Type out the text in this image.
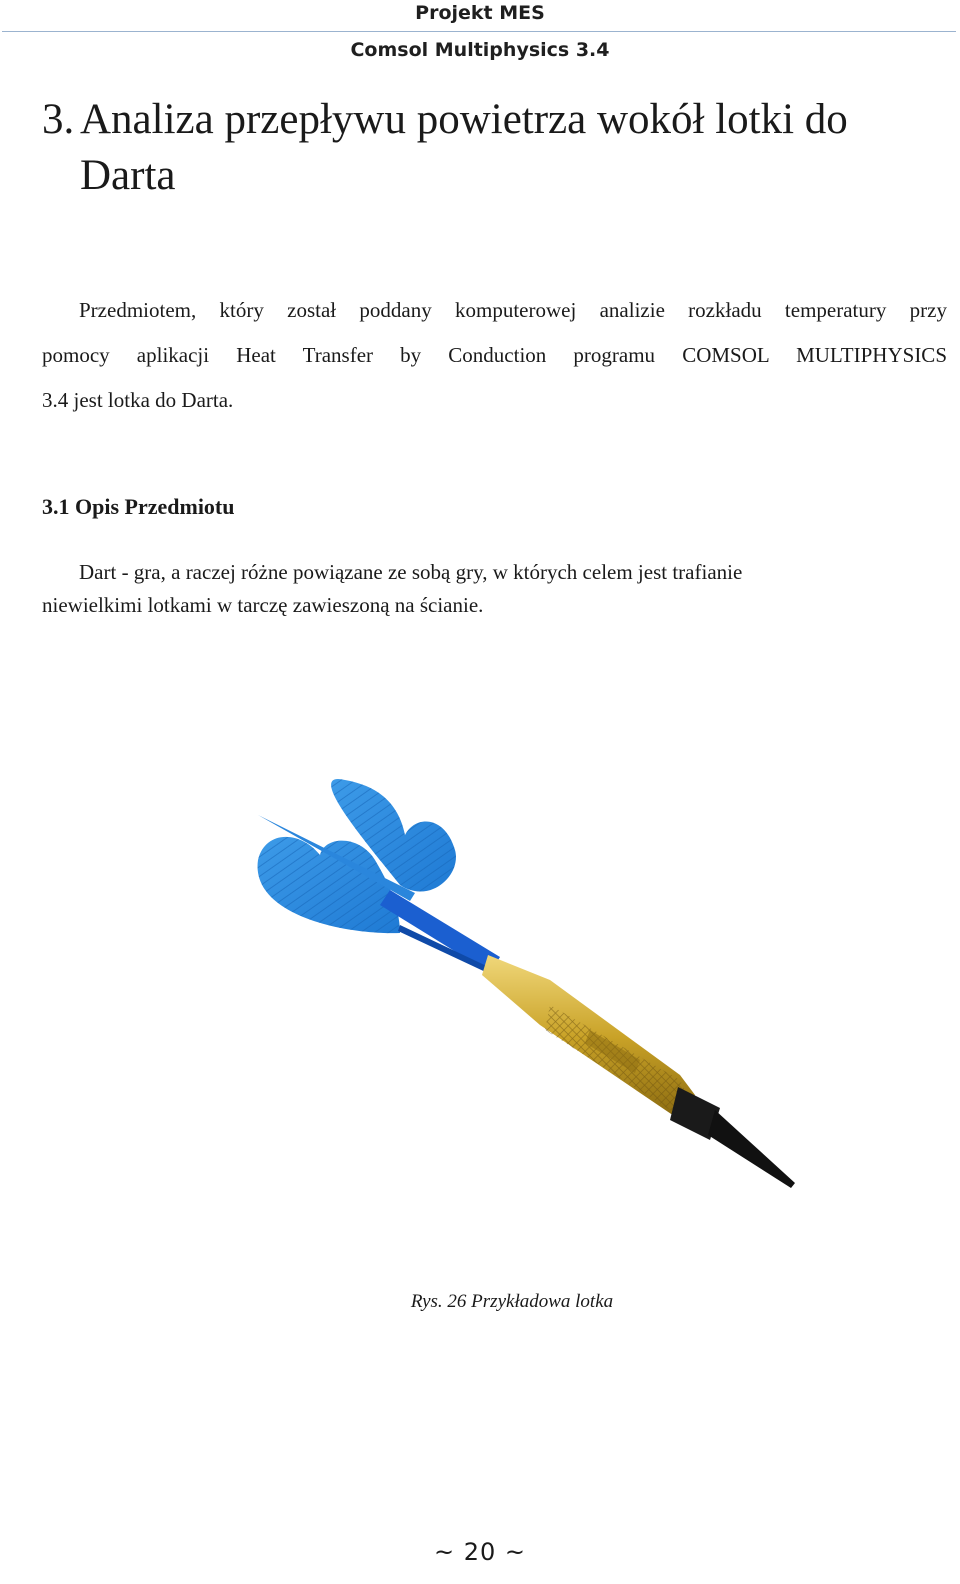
Projekt MES
Comsol Multiphysics 3.4
3. Analiza przepływu powietrza wokół lotki do
Darta
Przedmiotem, który został poddany komputerowej analizie rozkładu temperatury przy
pomocy aplikacji Heat Transfer by Conduction programu COMSOL MULTIPHYSICS
3.4 jest lotka do Darta.
3.1 Opis Przedmiotu
Dart - gra, a raczej różne powiązane ze sobą gry, w których celem jest trafianie
niewielkimi lotkami w tarczę zawieszoną na ścianie.
Rys. 26 Przykładowa lotka
~ 20 ~
